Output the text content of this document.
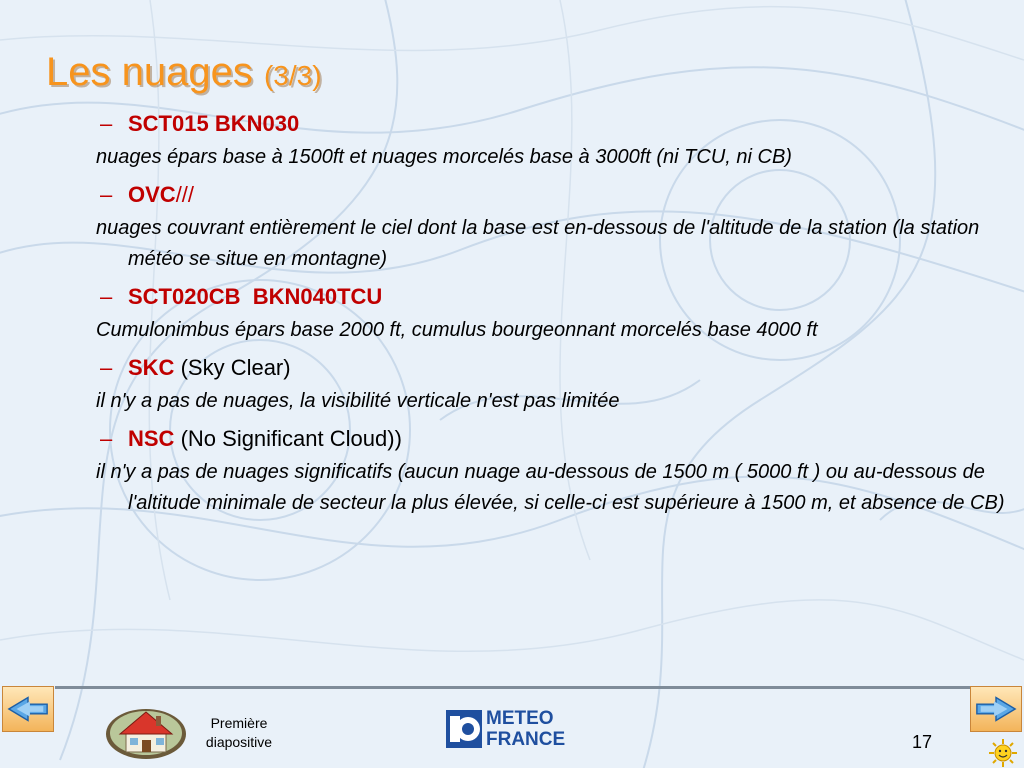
Les nuages (3/3)

– SCT015 BKN030

nuages épars base à 1500ft et nuages morcelés base à 3000ft (ni TCU, ni CB)

– OVC///

nuages couvrant entièrement le ciel dont la base est en-dessous de l'altitude de la station (la station météo se situe en montagne)

– SCT020CB  BKN040TCU

Cumulonimbus épars base 2000 ft, cumulus bourgeonnant morcelés base 4000 ft

– SKC (Sky Clear)

il n'y a pas de nuages, la visibilité verticale n'est pas limitée

– NSC (No Significant Cloud))

il n'y a pas de nuages significatifs (aucun nuage au-dessous de 1500 m ( 5000 ft ) ou au-dessous de l'altitude minimale de secteur la plus élevée, si celle-ci est supérieure à 1500 m, et absence de CB)

Première
diapositive
METEO
FRANCE	17
